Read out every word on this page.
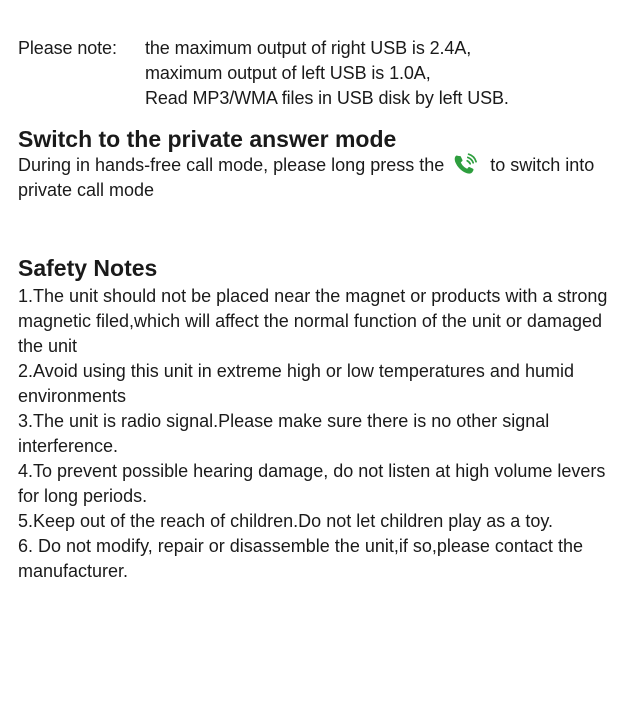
Please note:	the maximum output of right USB is 2.4A,
maximum output of left USB is 1.0A,
Read MP3/WMA files in USB disk by left USB.
Switch to the private answer mode

During in hands-free call mode, please long press the	to switch into private call mode

Safety Notes
1.The unit should not be placed near the magnet or products with a strong magnetic filed,which will affect the normal function of the unit or damaged the unit
2.Avoid using this unit in extreme high or low temperatures and humid environments
3.The unit is radio signal.Please make sure there is no other signal interference.
4.To prevent possible hearing damage, do not listen at high volume levers for long periods.
5.Keep out of the reach of children.Do not let children play as a toy.
6. Do not modify, repair or disassemble the unit,if so,please contact the manufacturer.
